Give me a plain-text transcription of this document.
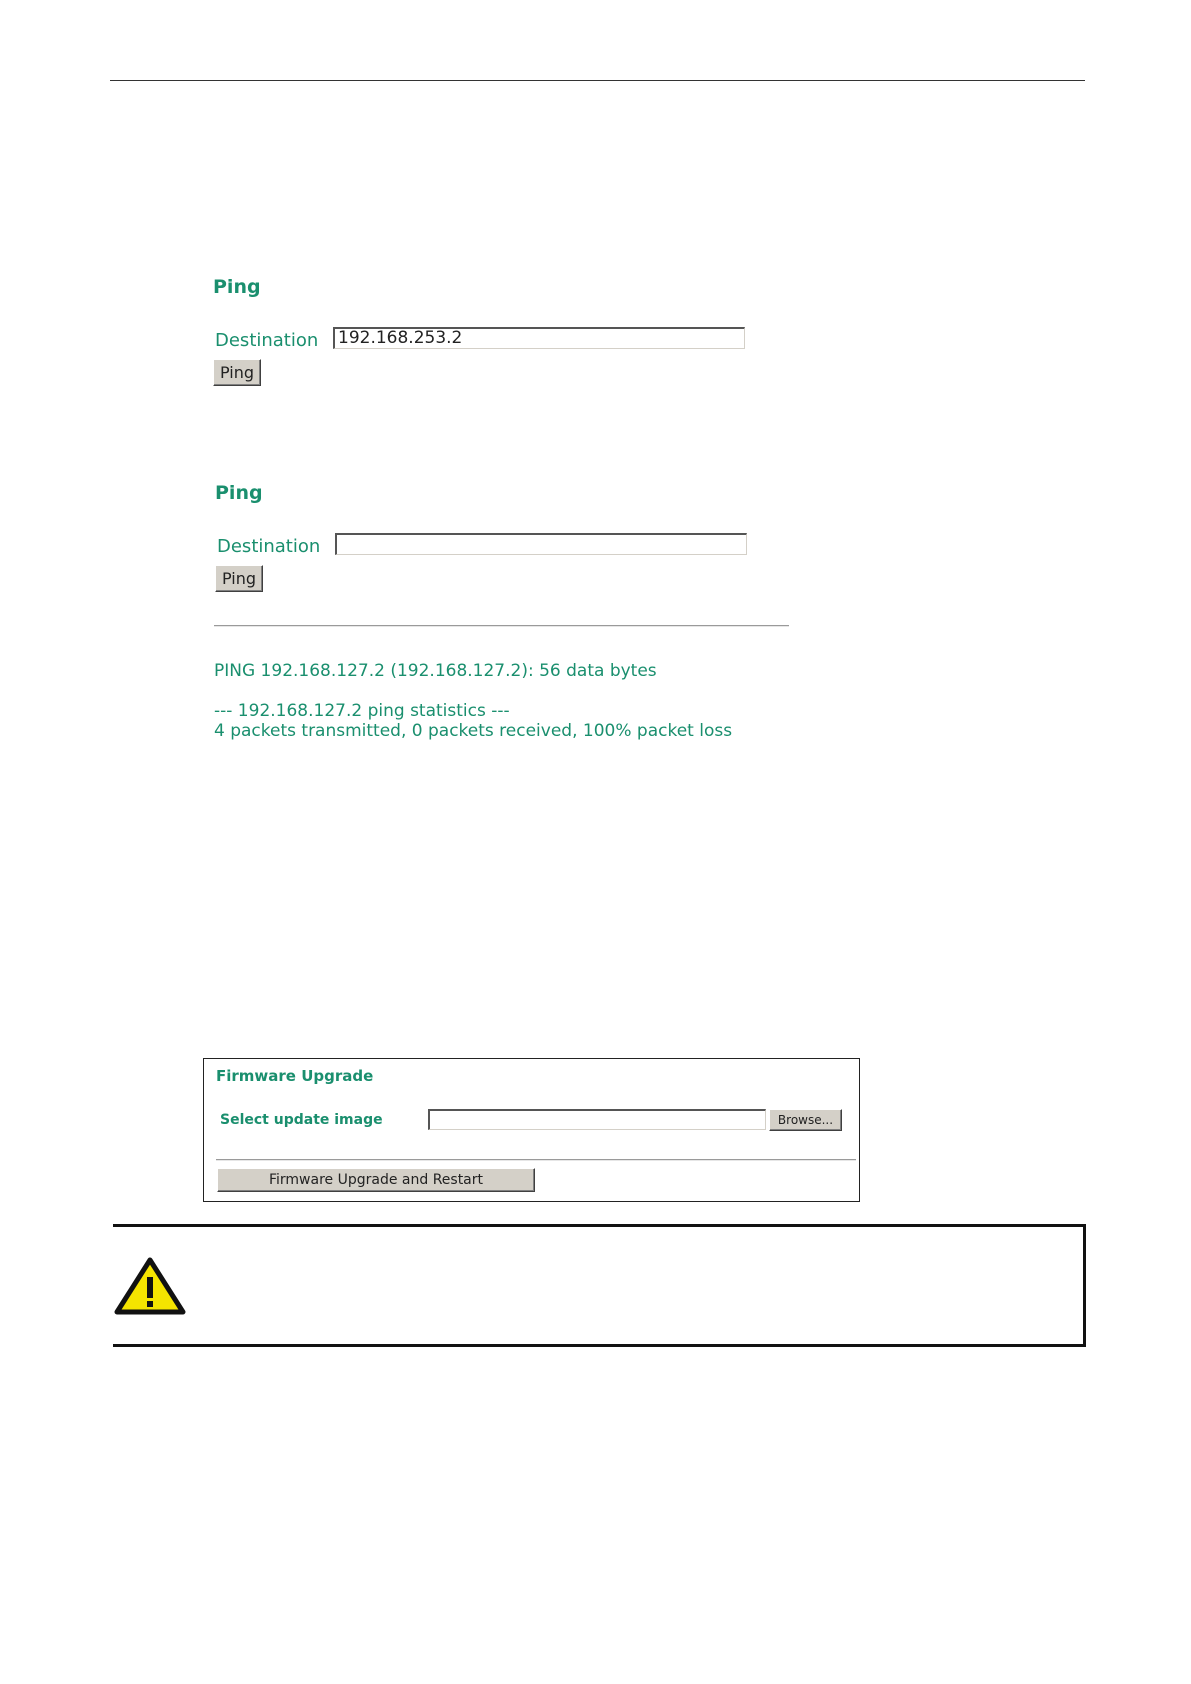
Ping
Destination 192.168.253.2
Ping
Ping
Destination
Ping
PING 192.168.127.2 (192.168.127.2): 56 data bytes
--- 192.168.127.2 ping statistics ---
4 packets transmitted, 0 packets received, 100% packet loss
Firmware Upgrade
Select update image	Browse...
Firmware Upgrade and Restart
